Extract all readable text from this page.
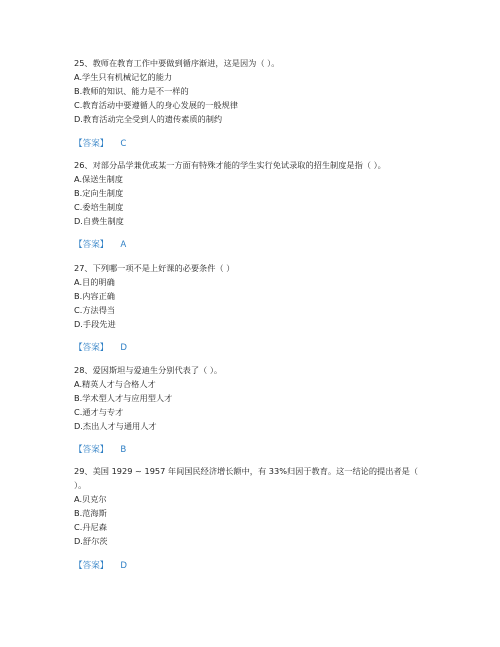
25、教师在教育工作中要做到循序渐进，这是因为（ ）。
A.学生只有机械记忆的能力
B.教师的知识、能力是不一样的
C.教育活动中要遵循人的身心发展的一般规律
D.教育活动完全受到人的遗传素质的制约
【答案】 C
26、对部分品学兼优或某一方面有特殊才能的学生实行免试录取的招生制度是指（ ）。
A.保送生制度
B.定向生制度
C.委培生制度
D.自费生制度
【答案】 A
27、下列哪一项不是上好课的必要条件（ ）
A.目的明确
B.内容正确
C.方法得当
D.手段先进
【答案】 D
28、爱因斯坦与爱迪生分别代表了（ ）。
A.精英人才与合格人才
B.学术型人才与应用型人才
C.通才与专才
D.杰出人才与通用人才
【答案】 B
29、美国 1929 ~ 1957 年间国民经济增长额中，有 33%归因于教育。这一结论的提出者是（ ）。
A.贝克尔
B.范海斯
C.丹尼森
D.舒尔茨
【答案】 D
